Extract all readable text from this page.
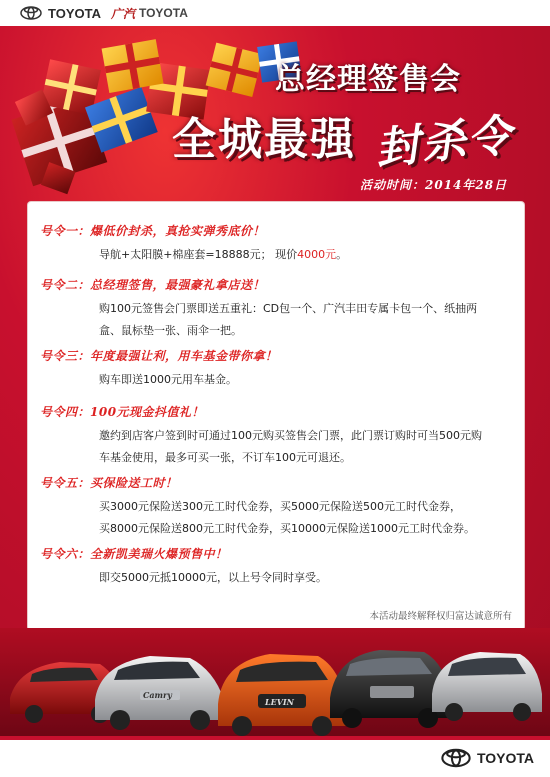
TOYOTA 广汽 TOYOTA
总经理签售会
全城最强 封杀令
活动时间：2014年28日
号令一：爆低价封杀，真抢实弹秀底价！
导航+太阳膜+棉座套=18888元； 现价4000元。
号令二：总经理签售，最强豪礼拿店送！
购100元签售会门票即送五重礼：CD包一个、广汽丰田专属卡包一个、纸抽两
盒、鼠标垫一张、雨伞一把。
号令三：年度最强让利，用车基金带你拿！
购车即送1000元用车基金。
号令四：100元现金抖值礼！
邀约到店客户签到时可通过100元购买签售会门票，此门票订购时可当500元购
车基金使用，最多可买一张，不订车100元可退还。
号令五：买保险送工时！
买3000元保险送300元工时代金券，买5000元保险送500元工时代金券，
买8000元保险送800元工时代金券，买10000元保险送1000元工时代金券。
号令六：全新凯美瑞火爆预售中！
即交5000元抵10000元，以上号令同时享受。
本活动最终解释权归富达诚意所有
Camry
LEVIN
TOYOTA
